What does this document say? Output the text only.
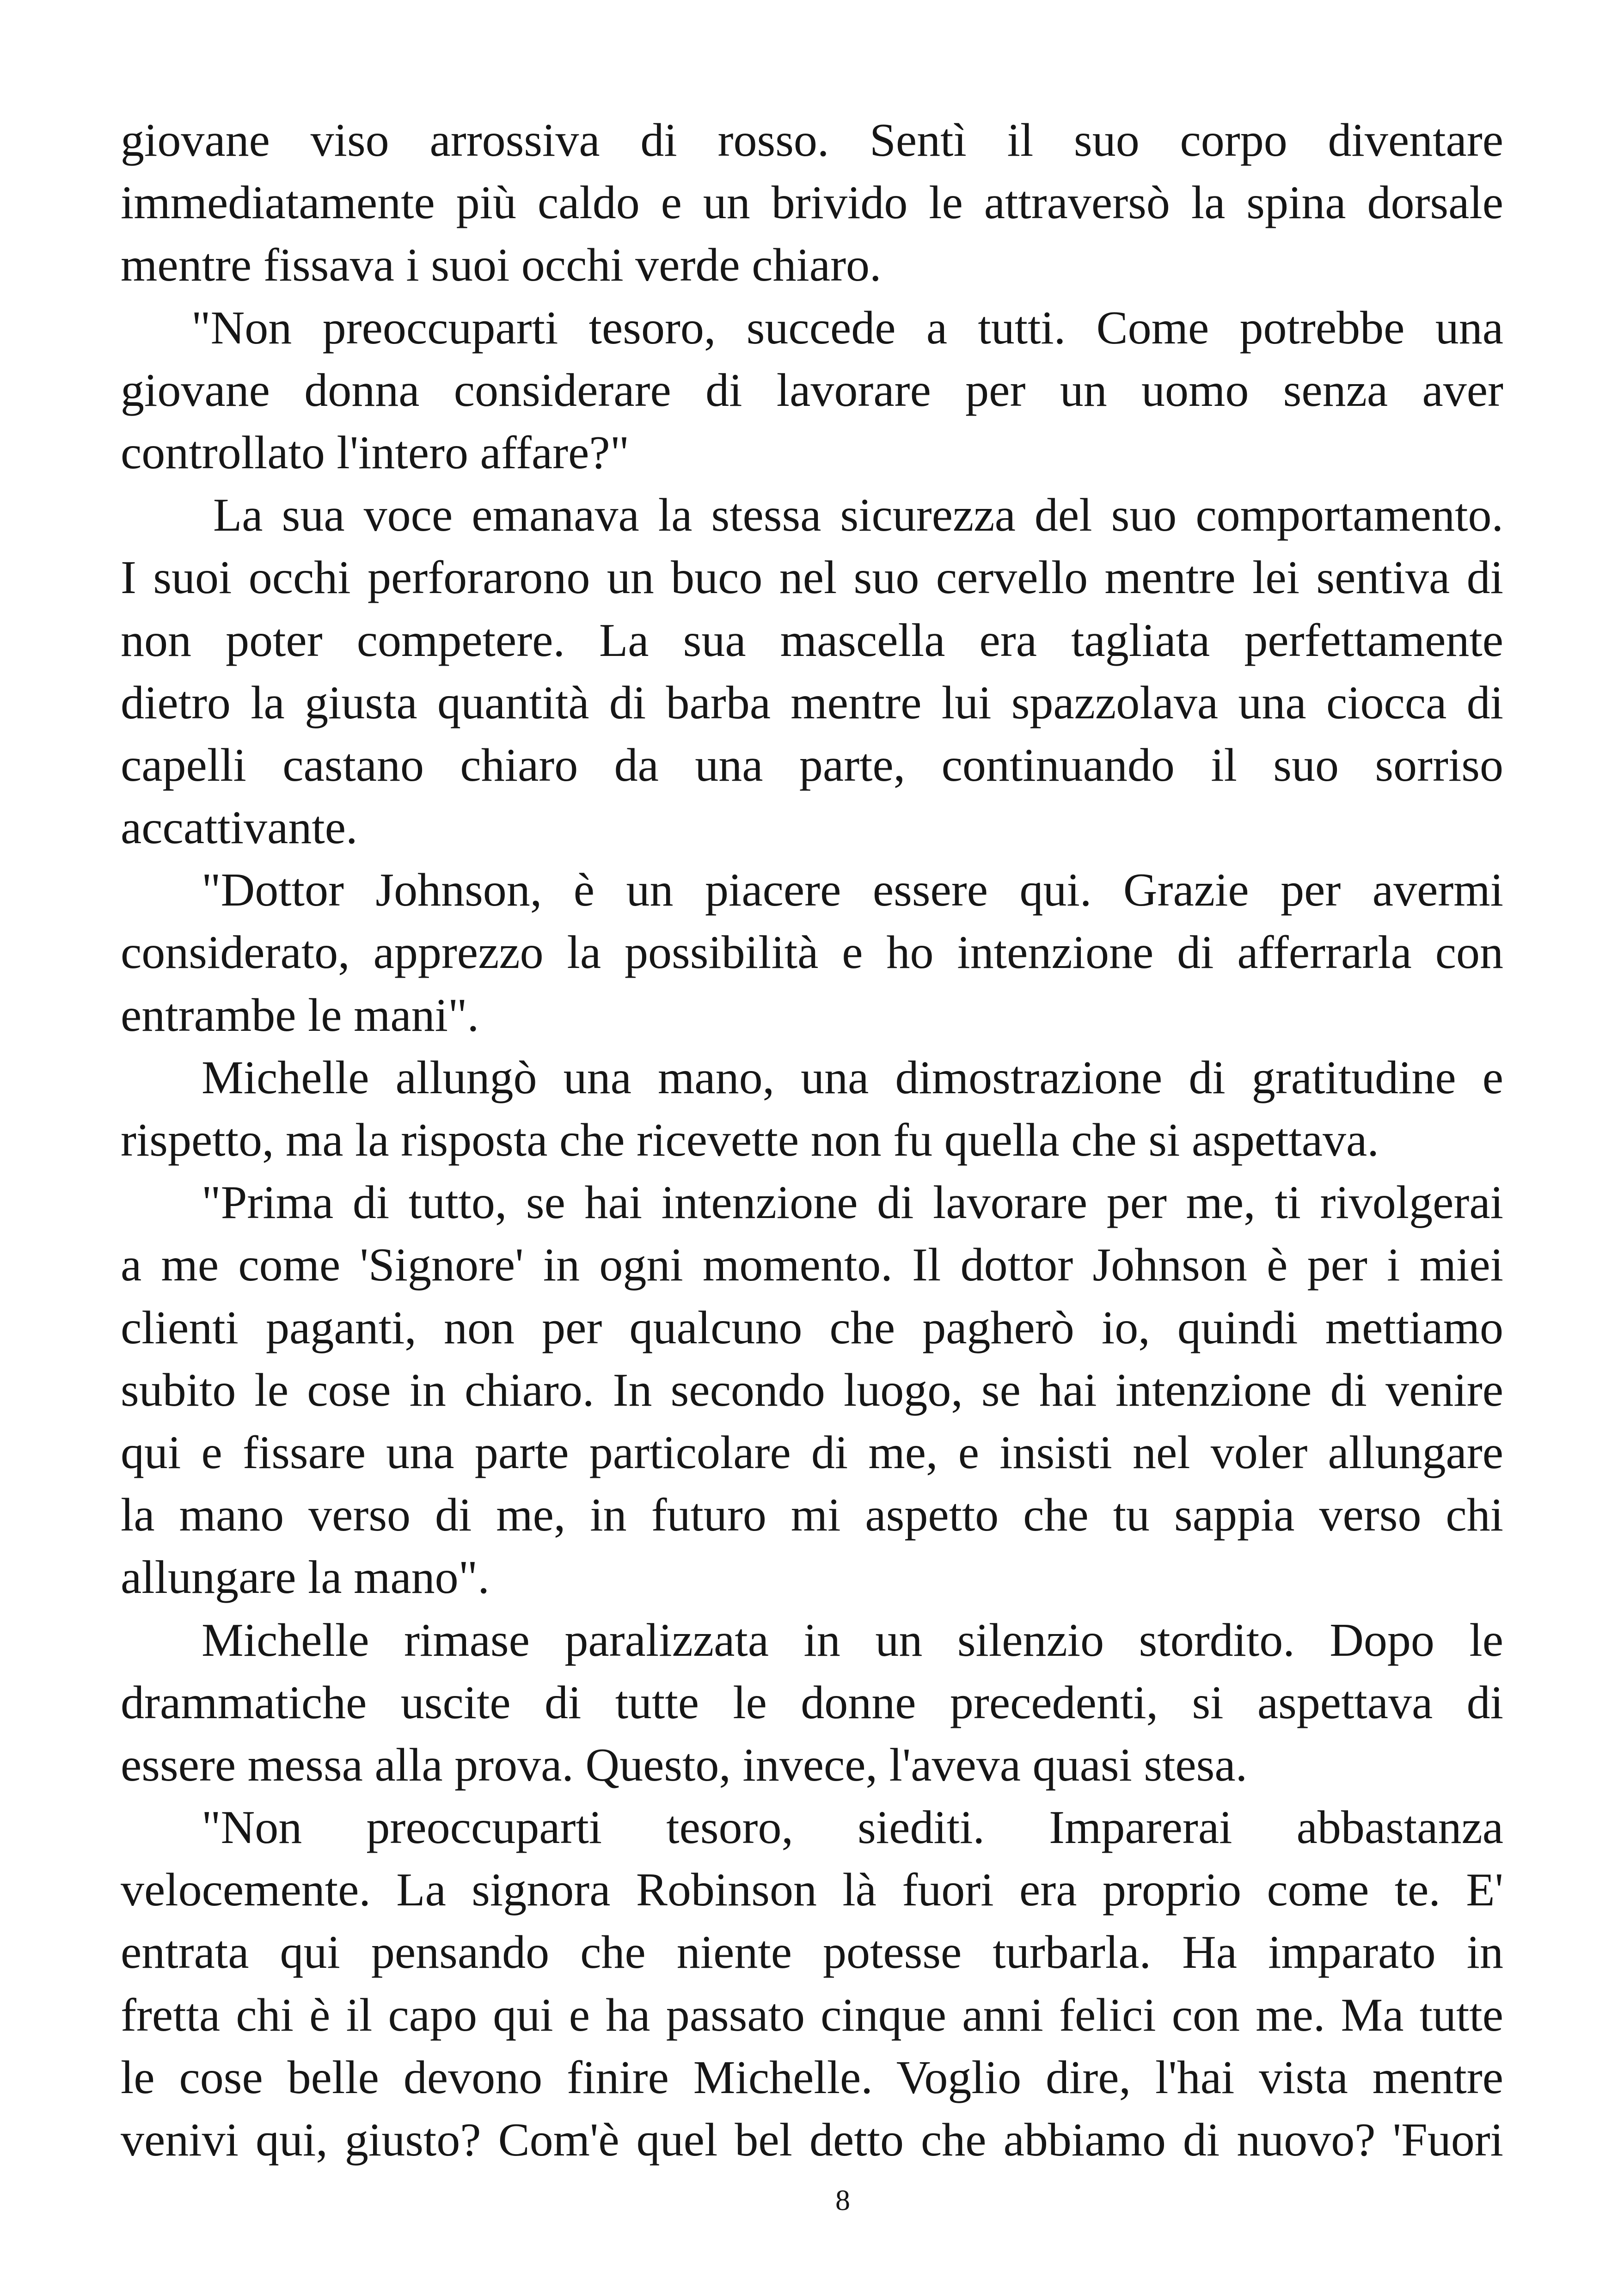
giovane viso arrossiva di rosso. Sentì il suo corpo diventare
immediatamente più caldo e un brivido le attraversò la spina dorsale
mentre fissava i suoi occhi verde chiaro.
"Non preoccuparti tesoro, succede a tutti. Come potrebbe una
giovane donna considerare di lavorare per un uomo senza aver
controllato l'intero affare?"
La sua voce emanava la stessa sicurezza del suo comportamento.
I suoi occhi perforarono un buco nel suo cervello mentre lei sentiva di
non poter competere. La sua mascella era tagliata perfettamente
dietro la giusta quantità di barba mentre lui spazzolava una ciocca di
capelli castano chiaro da una parte, continuando il suo sorriso
accattivante.
"Dottor Johnson, è un piacere essere qui. Grazie per avermi
considerato, apprezzo la possibilità e ho intenzione di afferrarla con
entrambe le mani".
Michelle allungò una mano, una dimostrazione di gratitudine e
rispetto, ma la risposta che ricevette non fu quella che si aspettava.
"Prima di tutto, se hai intenzione di lavorare per me, ti rivolgerai
a me come 'Signore' in ogni momento. Il dottor Johnson è per i miei
clienti paganti, non per qualcuno che pagherò io, quindi mettiamo
subito le cose in chiaro. In secondo luogo, se hai intenzione di venire
qui e fissare una parte particolare di me, e insisti nel voler allungare
la mano verso di me, in futuro mi aspetto che tu sappia verso chi
allungare la mano".
Michelle rimase paralizzata in un silenzio stordito. Dopo le
drammatiche uscite di tutte le donne precedenti, si aspettava di
essere messa alla prova. Questo, invece, l'aveva quasi stesa.
"Non preoccuparti tesoro, siediti. Imparerai abbastanza
velocemente. La signora Robinson là fuori era proprio come te. E'
entrata qui pensando che niente potesse turbarla. Ha imparato in
fretta chi è il capo qui e ha passato cinque anni felici con me. Ma tutte
le cose belle devono finire Michelle. Voglio dire, l'hai vista mentre
venivi qui, giusto? Com'è quel bel detto che abbiamo di nuovo? 'Fuori
8
